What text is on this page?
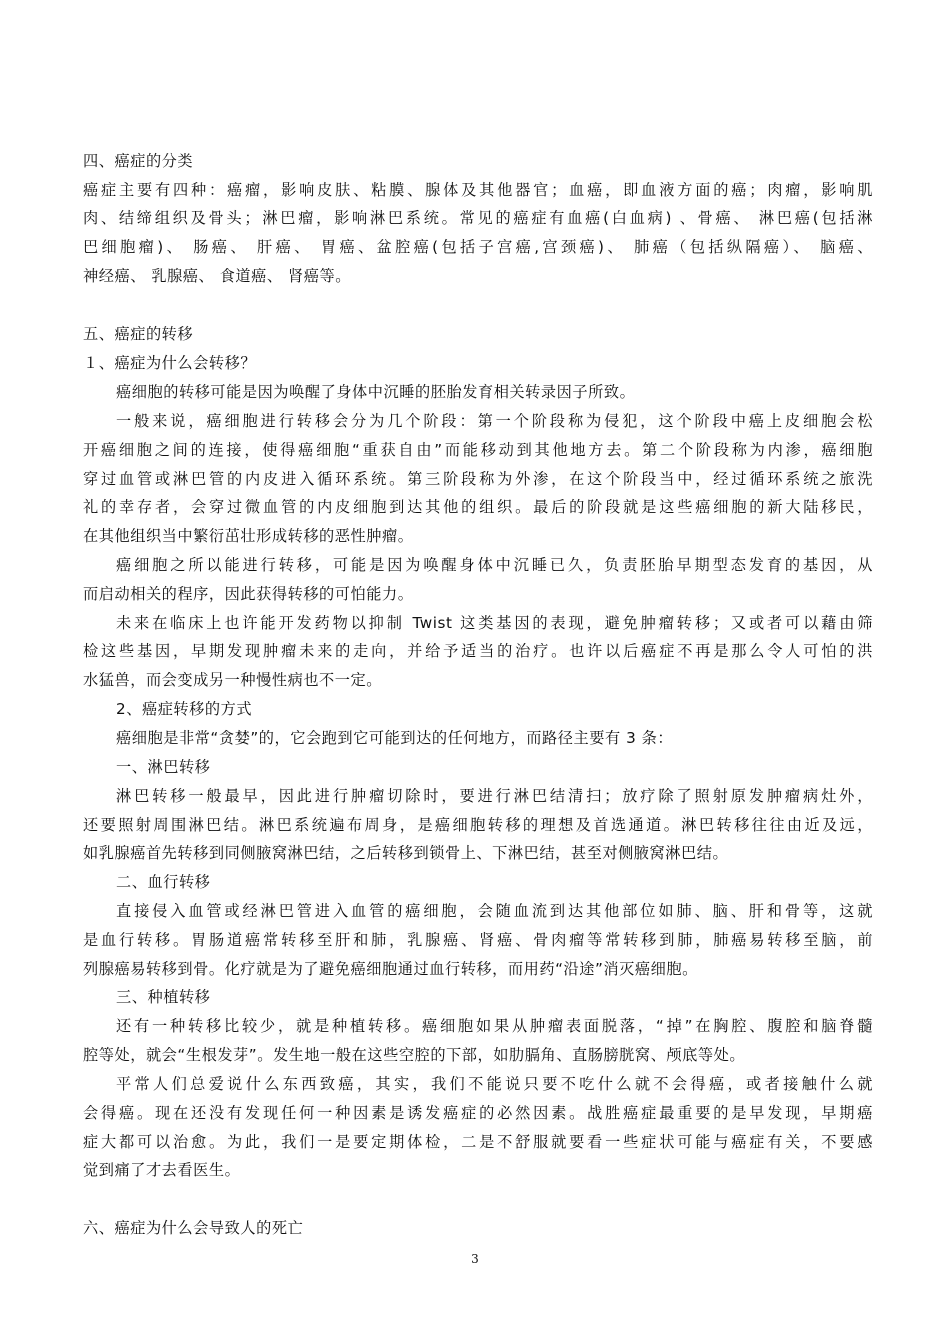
四、癌症的分类
癌症主要有四种：癌瘤，影响皮肤、粘膜、腺体及其他器官；血癌，即血液方面的癌；肉瘤，影响肌
肉、结缔组织及骨头；淋巴瘤，影响淋巴系统。常见的癌症有血癌(白血病) 、骨癌、 淋巴癌(包括淋
巴细胞瘤)、 肠癌、 肝癌、 胃癌、盆腔癌(包括子宫癌,宫颈癌)、 肺癌（包括纵隔癌）、 脑癌、
神经癌、 乳腺癌、 食道癌、 肾癌等。
五、癌症的转移
１、癌症为什么会转移？
癌细胞的转移可能是因为唤醒了身体中沉睡的胚胎发育相关转录因子所致。
一般来说，癌细胞进行转移会分为几个阶段：第一个阶段称为侵犯，这个阶段中癌上皮细胞会松
开癌细胞之间的连接，使得癌细胞“重获自由”而能移动到其他地方去。第二个阶段称为内渗，癌细胞
穿过血管或淋巴管的内皮进入循环系统。第三阶段称为外渗，在这个阶段当中，经过循环系统之旅洗
礼的幸存者，会穿过微血管的内皮细胞到达其他的组织。最后的阶段就是这些癌细胞的新大陆移民，
在其他组织当中繁衍茁壮形成转移的恶性肿瘤。
癌细胞之所以能进行转移，可能是因为唤醒身体中沉睡已久，负责胚胎早期型态发育的基因，从
而启动相关的程序，因此获得转移的可怕能力。
未来在临床上也许能开发药物以抑制 Twist 这类基因的表现，避免肿瘤转移；又或者可以藉由筛
检这些基因，早期发现肿瘤未来的走向，并给予适当的治疗。也许以后癌症不再是那么令人可怕的洪
水猛兽，而会变成另一种慢性病也不一定。
2、癌症转移的方式
癌细胞是非常“贪婪”的，它会跑到它可能到达的任何地方，而路径主要有 3 条：
一、淋巴转移
淋巴转移一般最早，因此进行肿瘤切除时，要进行淋巴结清扫；放疗除了照射原发肿瘤病灶外，
还要照射周围淋巴结。淋巴系统遍布周身，是癌细胞转移的理想及首选通道。淋巴转移往往由近及远，
如乳腺癌首先转移到同侧腋窝淋巴结，之后转移到锁骨上、下淋巴结，甚至对侧腋窝淋巴结。
二、血行转移
直接侵入血管或经淋巴管进入血管的癌细胞，会随血流到达其他部位如肺、脑、肝和骨等，这就
是血行转移。胃肠道癌常转移至肝和肺，乳腺癌、肾癌、骨肉瘤等常转移到肺，肺癌易转移至脑，前
列腺癌易转移到骨。化疗就是为了避免癌细胞通过血行转移，而用药“沿途”消灭癌细胞。
三、种植转移
还有一种转移比较少，就是种植转移。癌细胞如果从肿瘤表面脱落，“掉”在胸腔、腹腔和脑脊髓
腔等处，就会“生根发芽”。发生地一般在这些空腔的下部，如肋膈角、直肠膀胱窝、颅底等处。
平常人们总爱说什么东西致癌，其实，我们不能说只要不吃什么就不会得癌，或者接触什么就
会得癌。现在还没有发现任何一种因素是诱发癌症的必然因素。战胜癌症最重要的是早发现，早期癌
症大都可以治愈。为此，我们一是要定期体检，二是不舒服就要看一些症状可能与癌症有关，不要感
觉到痛了才去看医生。
六、癌症为什么会导致人的死亡
3
